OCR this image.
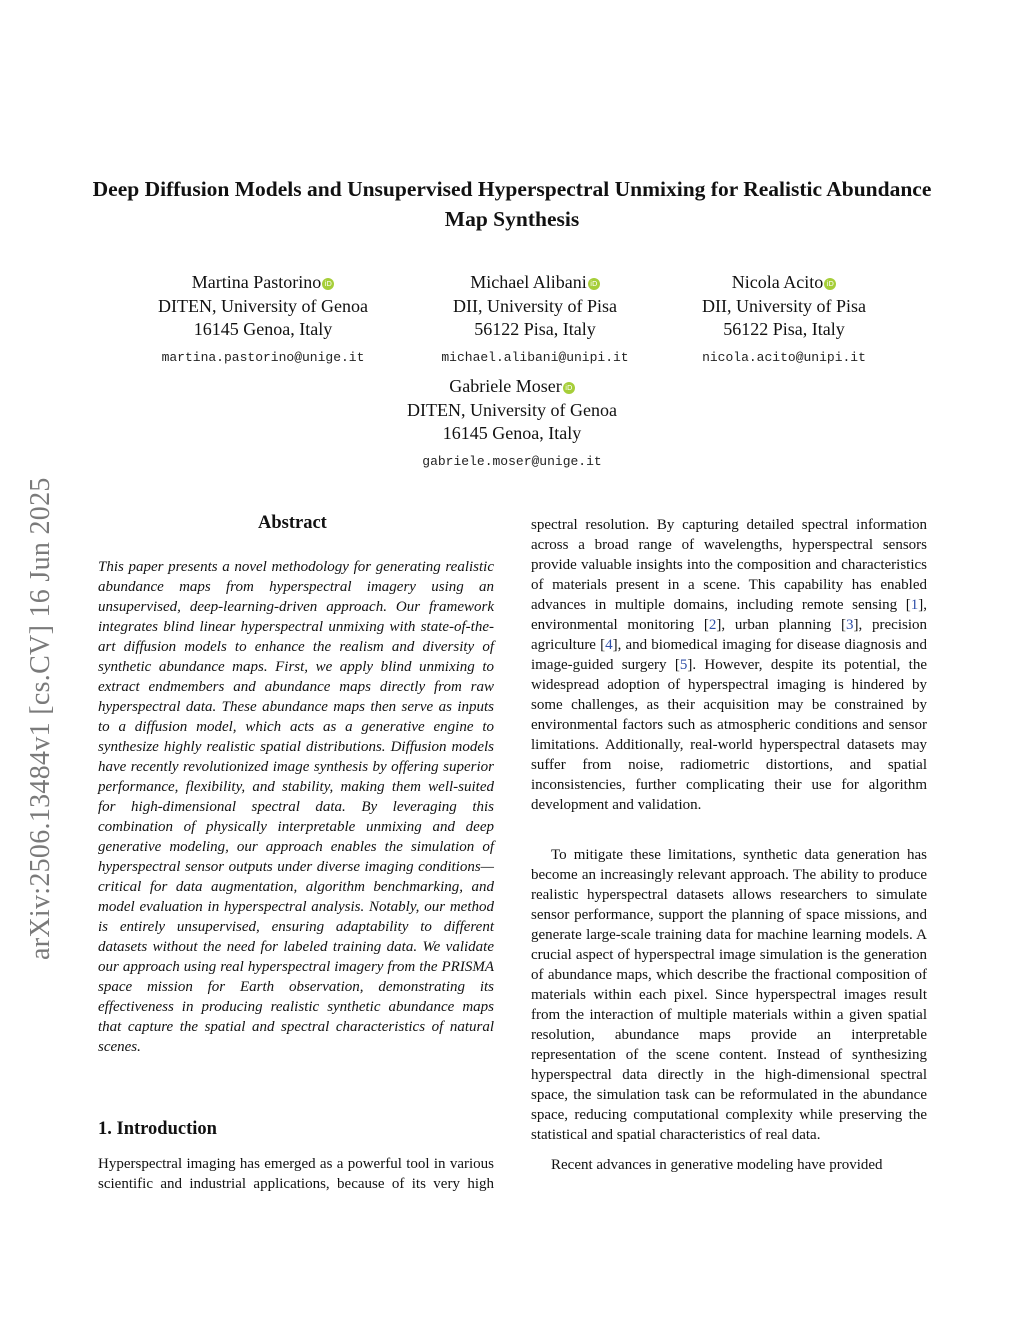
arXiv:2506.13484v1 [cs.CV] 16 Jun 2025
Deep Diffusion Models and Unsupervised Hyperspectral Unmixing for Realistic Abundance Map Synthesis
Martina Pastorino iD
DITEN, University of Genoa
16145 Genoa, Italy
martina.pastorino@unige.it
Michael Alibani iD
DII, University of Pisa
56122 Pisa, Italy
michael.alibani@unipi.it
Nicola Acito iD
DII, University of Pisa
56122 Pisa, Italy
nicola.acito@unipi.it
Gabriele Moser iD
DITEN, University of Genoa
16145 Genoa, Italy
gabriele.moser@unige.it
Abstract

This paper presents a novel methodology for generating realistic abundance maps from hyperspectral imagery using an unsupervised, deep-learning-driven approach. Our framework integrates blind linear hyperspectral unmixing with state-of-the-art diffusion models to enhance the realism and diversity of synthetic abundance maps. First, we apply blind unmixing to extract endmembers and abundance maps directly from raw hyperspectral data. These abundance maps then serve as inputs to a diffusion model, which acts as a generative engine to synthesize highly realistic spatial distributions. Diffusion models have recently revolutionized image synthesis by offering superior performance, flexibility, and stability, making them well-suited for high-dimensional spectral data. By leveraging this combination of physically interpretable unmixing and deep generative modeling, our approach enables the simulation of hyperspectral sensor outputs under diverse imaging conditions—critical for data augmentation, algorithm benchmarking, and model evaluation in hyperspectral analysis. Notably, our method is entirely unsupervised, ensuring adaptability to different datasets without the need for labeled training data. We validate our approach using real hyperspectral imagery from the PRISMA space mission for Earth observation, demonstrating its effectiveness in producing realistic synthetic abundance maps that capture the spatial and spectral characteristics of natural scenes.

1. Introduction

Hyperspectral imaging has emerged as a powerful tool in various scientific and industrial applications, because of its very high

spectral resolution. By capturing detailed spectral information across a broad range of wavelengths, hyperspectral sensors provide valuable insights into the composition and characteristics of materials present in a scene. This capability has enabled advances in multiple domains, including remote sensing [1], environmental monitoring [2], urban planning [3], precision agriculture [4], and biomedical imaging for disease diagnosis and image-guided surgery [5]. However, despite its potential, the widespread adoption of hyperspectral imaging is hindered by some challenges, as their acquisition may be constrained by environmental factors such as atmospheric conditions and sensor limitations. Additionally, real-world hyperspectral datasets may suffer from noise, radiometric distortions, and spatial inconsistencies, further complicating their use for algorithm development and validation.

To mitigate these limitations, synthetic data generation has become an increasingly relevant approach. The ability to produce realistic hyperspectral datasets allows researchers to simulate sensor performance, support the planning of space missions, and generate large-scale training data for machine learning models. A crucial aspect of hyperspectral image simulation is the generation of abundance maps, which describe the fractional composition of materials within each pixel. Since hyperspectral images result from the interaction of multiple materials within a given spatial resolution, abundance maps provide an interpretable representation of the scene content. Instead of synthesizing hyperspectral data directly in the high-dimensional spectral space, the simulation task can be reformulated in the abundance space, reducing computational complexity while preserving the statistical and spatial characteristics of real data.

Recent advances in generative modeling have provided
